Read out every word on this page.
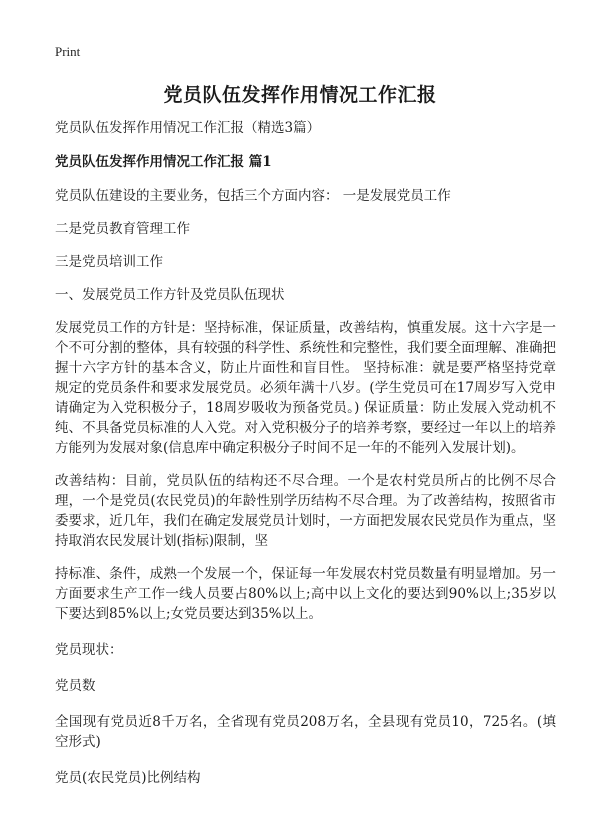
Print
党员队伍发挥作用情况工作汇报

党员队伍发挥作用情况工作汇报（精选3篇）

党员队伍发挥作用情况工作汇报 篇1

党员队伍建设的主要业务，包括三个方面内容： 一是发展党员工作

二是党员教育管理工作

三是党员培训工作

一、发展党员工作方针及党员队伍现状

发展党员工作的方针是：坚持标准，保证质量，改善结构，慎重发展。这十六字是一个不可分割的整体，具有较强的科学性、系统性和完整性，我们要全面理解、准确把握十六字方针的基本含义，防止片面性和盲目性。 坚持标准：就是要严格坚持党章规定的党员条件和要求发展党员。必须年满十八岁。(学生党员可在17周岁写入党申请确定为入党积极分子，18周岁吸收为预备党员。) 保证质量：防止发展入党动机不纯、不具备党员标准的人入党。对入党积极分子的培养考察，要经过一年以上的培养方能列为发展对象(信息库中确定积极分子时间不足一年的不能列入发展计划)。

改善结构：目前，党员队伍的结构还不尽合理。一个是农村党员所占的比例不尽合理，一个是党员(农民党员)的年龄性别学历结构不尽合理。为了改善结构，按照省市委要求，近几年，我们在确定发展党员计划时，一方面把发展农民党员作为重点，坚持取消农民发展计划(指标)限制，坚

持标准、条件，成熟一个发展一个，保证每一年发展农村党员数量有明显增加。另一方面要求生产工作一线人员要占80%以上;高中以上文化的要达到90%以上;35岁以下要达到85%以上;女党员要达到35%以上。

党员现状：

党员数

全国现有党员近8千万名，全省现有党员208万名，全县现有党员10，725名。(填空形式)

党员(农民党员)比例结构
